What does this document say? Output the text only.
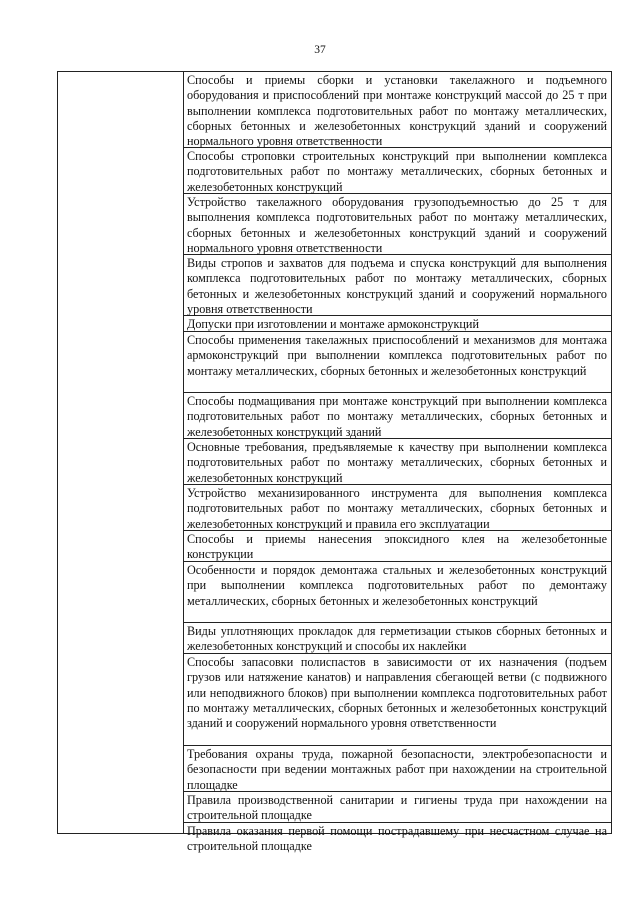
37
Способы и приемы сборки и установки такелажного и подъемного оборудования и приспособлений при монтаже конструкций массой до 25 т при выполнении комплекса подготовительных работ по монтажу металлических, сборных бетонных и железобетонных конструкций зданий и сооружений нормального уровня ответственности
Способы строповки строительных конструкций при выполнении комплекса подготовительных работ по монтажу металлических, сборных бетонных и железобетонных конструкций
Устройство такелажного оборудования грузоподъемностью до 25 т для выполнения комплекса подготовительных работ по монтажу металлических, сборных бетонных и железобетонных конструкций зданий и сооружений нормального уровня ответственности
Виды стропов и захватов для подъема и спуска конструкций для выполнения комплекса подготовительных работ по монтажу металлических, сборных бетонных и железобетонных конструкций зданий и сооружений нормального уровня ответственности
Допуски при изготовлении и монтаже армоконструкций
Способы применения такелажных приспособлений и механизмов для монтажа армоконструкций при выполнении комплекса подготовительных работ по монтажу металлических, сборных бетонных и железобетонных конструкций
Способы подмащивания при монтаже конструкций при выполнении комплекса подготовительных работ по монтажу металлических, сборных бетонных и железобетонных конструкций зданий
Основные требования, предъявляемые к качеству при выполнении комплекса подготовительных работ по монтажу металлических, сборных бетонных и железобетонных конструкций
Устройство механизированного инструмента для выполнения комплекса подготовительных работ по монтажу металлических, сборных бетонных и железобетонных конструкций и правила его эксплуатации
Способы и приемы нанесения эпоксидного клея на железобетонные конструкции
Особенности и порядок демонтажа стальных и железобетонных конструкций при выполнении комплекса подготовительных работ по демонтажу металлических, сборных бетонных и железобетонных конструкций
Виды уплотняющих прокладок для герметизации стыков сборных бетонных и железобетонных конструкций и способы их наклейки
Способы запасовки полиспастов в зависимости от их назначения (подъем грузов или натяжение канатов) и направления сбегающей ветви (с подвижного или неподвижного блоков) при выполнении комплекса подготовительных работ по монтажу металлических, сборных бетонных и железобетонных конструкций зданий и сооружений нормального уровня ответственности
Требования охраны труда, пожарной безопасности, электробезопасности и безопасности при ведении монтажных работ при нахождении на строительной площадке
Правила производственной санитарии и гигиены труда при нахождении на строительной площадке
Правила оказания первой помощи пострадавшему при несчастном случае на строительной площадке
